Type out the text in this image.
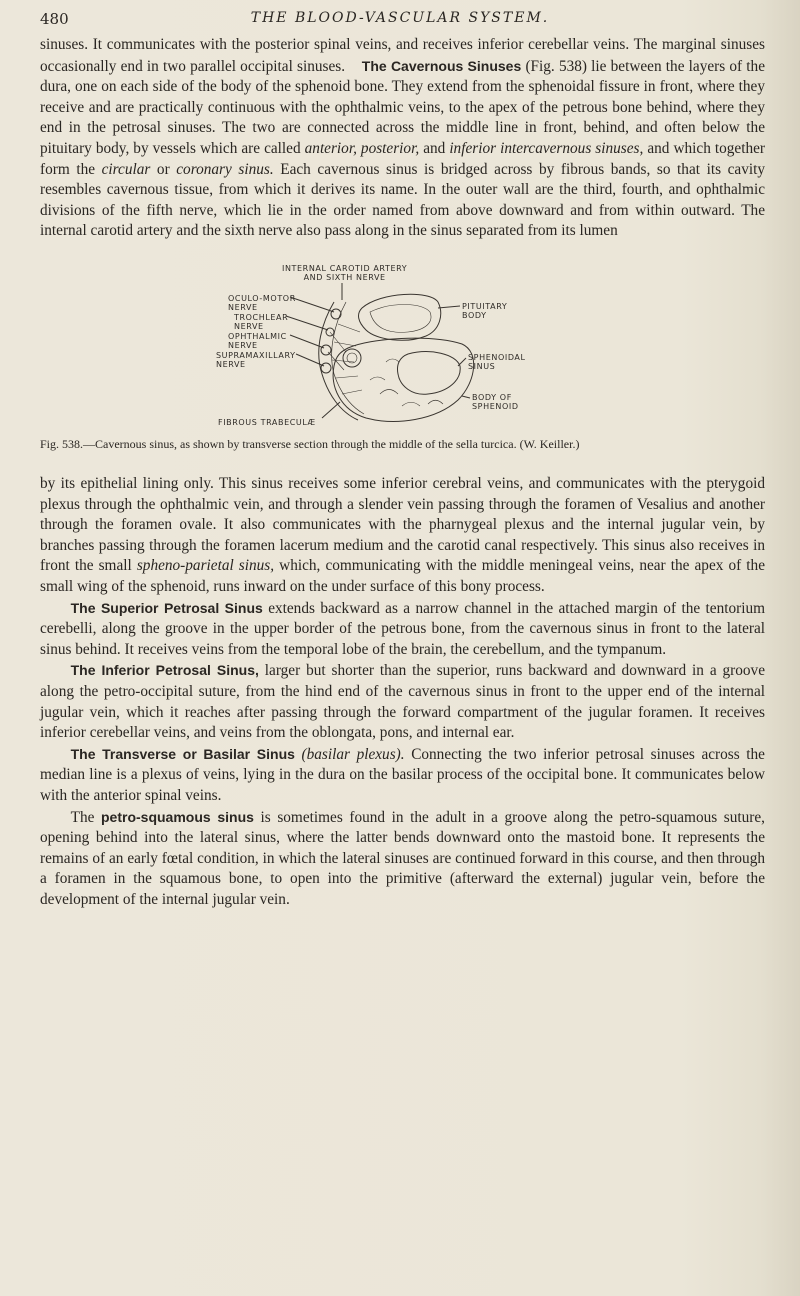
480	THE BLOOD-VASCULAR SYSTEM.

sinuses. It communicates with the posterior spinal veins, and receives inferior cerebellar veins. The marginal sinuses occasionally end in two parallel occipital sinuses. The Cavernous Sinuses (Fig. 538) lie between the layers of the dura, one on each side of the body of the sphenoid bone. They extend from the sphenoidal fissure in front, where they receive and are practically continuous with the ophthalmic veins, to the apex of the petrous bone behind, where they end in the petrosal sinuses. The two are connected across the middle line in front, behind, and often below the pituitary body, by vessels which are called anterior, posterior, and inferior intercavernous sinuses, and which together form the circular or coronary sinus. Each cavernous sinus is bridged across by fibrous bands, so that its cavity resembles cavernous tissue, from which it derives its name. In the outer wall are the third, fourth, and ophthalmic divisions of the fifth nerve, which lie in the order named from above downward and from within outward. The internal carotid artery and the sixth nerve also pass along in the sinus separated from its lumen

INTERNAL CAROTID ARTERY
AND SIXTH NERVE
OCULO-MOTOR
NERVE
TROCHLEAR
NERVE
OPHTHALMIC
NERVE
SUPRAMAXILLARY
NERVE
PITUITARY
BODY
SPHENOIDAL
SINUS
BODY OF
SPHENOID
FIBROUS TRABECULÆ
Fig. 538.—Cavernous sinus, as shown by transverse section through the middle of the sella turcica. (W. Keiller.)

by its epithelial lining only. This sinus receives some inferior cerebral veins, and communicates with the pterygoid plexus through the ophthalmic vein, and through a slender vein passing through the foramen of Vesalius and another through the foramen ovale. It also communicates with the pharnygeal plexus and the internal jugular vein, by branches passing through the foramen lacerum medium and the carotid canal respectively. This sinus also receives in front the small spheno-parietal sinus, which, communicating with the middle meningeal veins, near the apex of the small wing of the sphenoid, runs inward on the under surface of this bony process.

The Superior Petrosal Sinus extends backward as a narrow channel in the attached margin of the tentorium cerebelli, along the groove in the upper border of the petrous bone, from the cavernous sinus in front to the lateral sinus behind. It receives veins from the temporal lobe of the brain, the cerebellum, and the tympanum.

The Inferior Petrosal Sinus, larger but shorter than the superior, runs backward and downward in a groove along the petro-occipital suture, from the hind end of the cavernous sinus in front to the upper end of the internal jugular vein, which it reaches after passing through the forward compartment of the jugular foramen. It receives inferior cerebellar veins, and veins from the oblongata, pons, and internal ear.

The Transverse or Basilar Sinus (basilar plexus). Connecting the two inferior petrosal sinuses across the median line is a plexus of veins, lying in the dura on the basilar process of the occipital bone. It communicates below with the anterior spinal veins.

The petro-squamous sinus is sometimes found in the adult in a groove along the petro-squamous suture, opening behind into the lateral sinus, where the latter bends downward onto the mastoid bone. It represents the remains of an early fœtal condition, in which the lateral sinuses are continued forward in this course, and then through a foramen in the squamous bone, to open into the primitive (afterward the external) jugular vein, before the development of the internal jugular vein.
